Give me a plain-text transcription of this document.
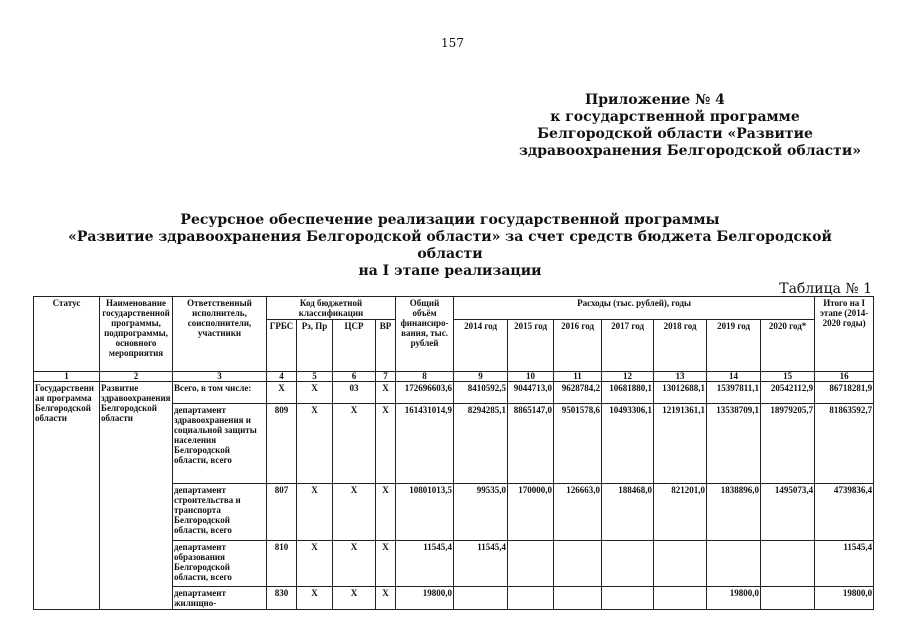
157
Приложение № 4
к государственной программе
Белгородской области «Развитие
здравоохранения Белгородской области»
Ресурсное обеспечение реализации государственной программы
«Развитие здравоохранения Белгородской области» за счет средств бюджета Белгородской области
на I этапе реализации
Таблица № 1
Статус	Наименование государственной программы, подпрограммы, основного мероприятия	Ответственный исполнитель, соисполнители, участники	Код бюджетной классификации				Общий объём финансиро-вания, тыс. рублей	Расходы (тыс. рублей), годы							Итого на I этапе (2014-2020 годы)
			ГРБС	Рз, Пр	ЦСР	ВР		2014 год	2015 год	2016 год	2017 год	2018 год	2019 год	2020 год*	
1	2	3	4	5	6	7	8	9	10	11	12	13	14	15	16
Государственная программа Белгородской области	Развитие здравоохранения Белгородской области	Всего, в том числе:	Х	Х	03	Х	172696603,6	8410592,5	9044713,0	9628784,2	10681880,1	13012688,1	15397811,1	20542112,9	86718281,9
		департамент здравоохранения и социальной защиты населения Белгородской области, всего	809	Х	Х	Х	161431014,9	8294285,1	8865147,0	9501578,6	10493306,1	12191361,1	13538709,1	18979205,7	81863592,7
		департамент строительства и транспорта Белгородской области, всего	807	Х	Х	Х	10801013,5	99535,0	170000,0	126663,0	188468,0	821201,0	1838896,0	1495073,4	4739836,4
		департамент образования Белгородской области, всего	810	Х	Х	Х	11545,4	11545,4							11545,4
		департамент жилищно-	830	Х	Х	Х	19800,0						19800,0		19800,0
